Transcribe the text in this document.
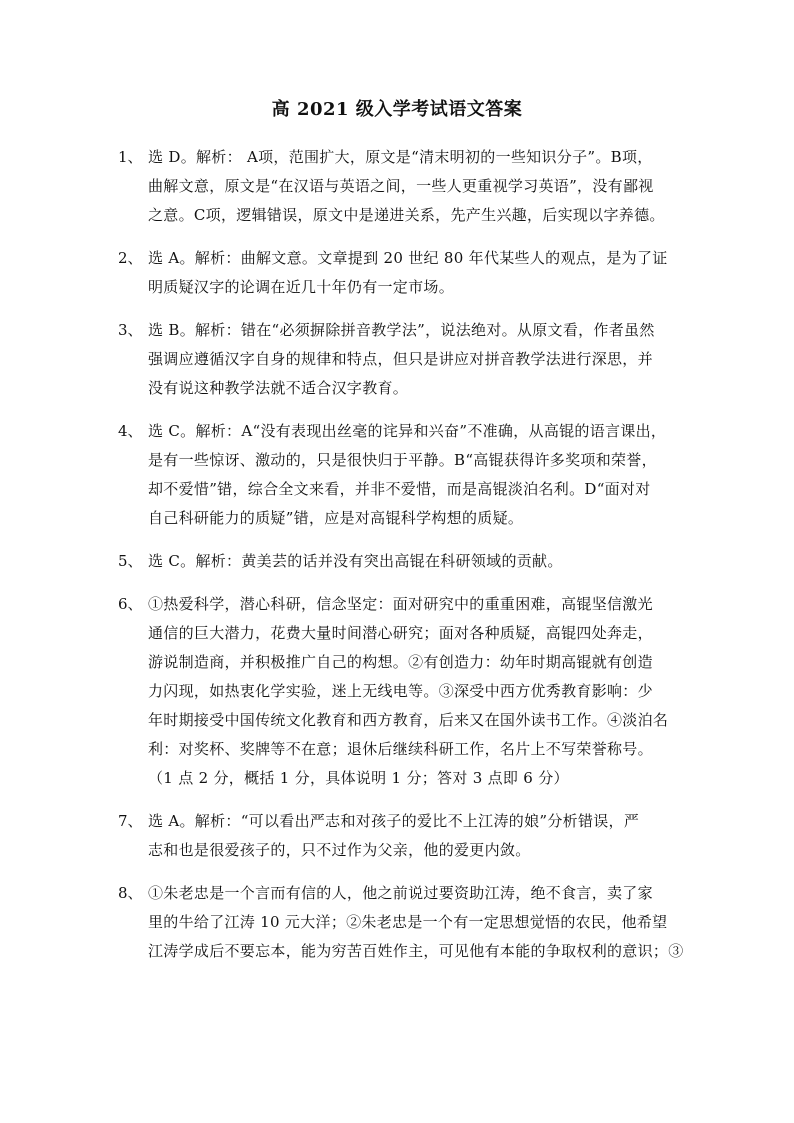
高 2021 级入学考试语文答案
1、 选 D。解析： A项，范围扩大，原文是“清末明初的一些知识分子”。B项，
曲解文意，原文是“在汉语与英语之间，一些人更重视学习英语”，没有鄙视
之意。C项，逻辑错误，原文中是递进关系，先产生兴趣，后实现以字养德。
2、 选 A。解析：曲解文意。文章提到 20 世纪 80 年代某些人的观点，是为了证
明质疑汉字的论调在近几十年仍有一定市场。
3、 选 B。解析：错在“必须摒除拼音教学法”，说法绝对。从原文看，作者虽然
强调应遵循汉字自身的规律和特点，但只是讲应对拼音教学法进行深思，并
没有说这种教学法就不适合汉字教育。
4、 选 C。解析：A“没有表现出丝毫的诧异和兴奋”不准确，从高锟的语言课出，
是有一些惊讶、激动的，只是很快归于平静。B“高锟获得许多奖项和荣誉，
却不爱惜”错，综合全文来看，并非不爱惜，而是高锟淡泊名利。D“面对对
自己科研能力的质疑”错，应是对高锟科学构想的质疑。
5、 选 C。解析：黄美芸的话并没有突出高锟在科研领域的贡献。
6、 ①热爱科学，潜心科研，信念坚定：面对研究中的重重困难，高锟坚信激光
通信的巨大潜力，花费大量时间潜心研究；面对各种质疑，高锟四处奔走，
游说制造商，并积极推广自己的构想。②有创造力：幼年时期高锟就有创造
力闪现，如热衷化学实验，迷上无线电等。③深受中西方优秀教育影响：少
年时期接受中国传统文化教育和西方教育，后来又在国外读书工作。④淡泊名
利：对奖杯、奖牌等不在意；退休后继续科研工作，名片上不写荣誉称号。
（1 点 2 分，概括 1 分，具体说明 1 分；答对 3 点即 6 分）
7、 选 A。解析：“可以看出严志和对孩子的爱比不上江涛的娘”分析错误，严
志和也是很爱孩子的，只不过作为父亲，他的爱更内敛。
8、 ①朱老忠是一个言而有信的人，他之前说过要资助江涛，绝不食言，卖了家
里的牛给了江涛 10 元大洋；②朱老忠是一个有一定思想觉悟的农民，他希望
江涛学成后不要忘本，能为穷苦百姓作主，可见他有本能的争取权利的意识；③
